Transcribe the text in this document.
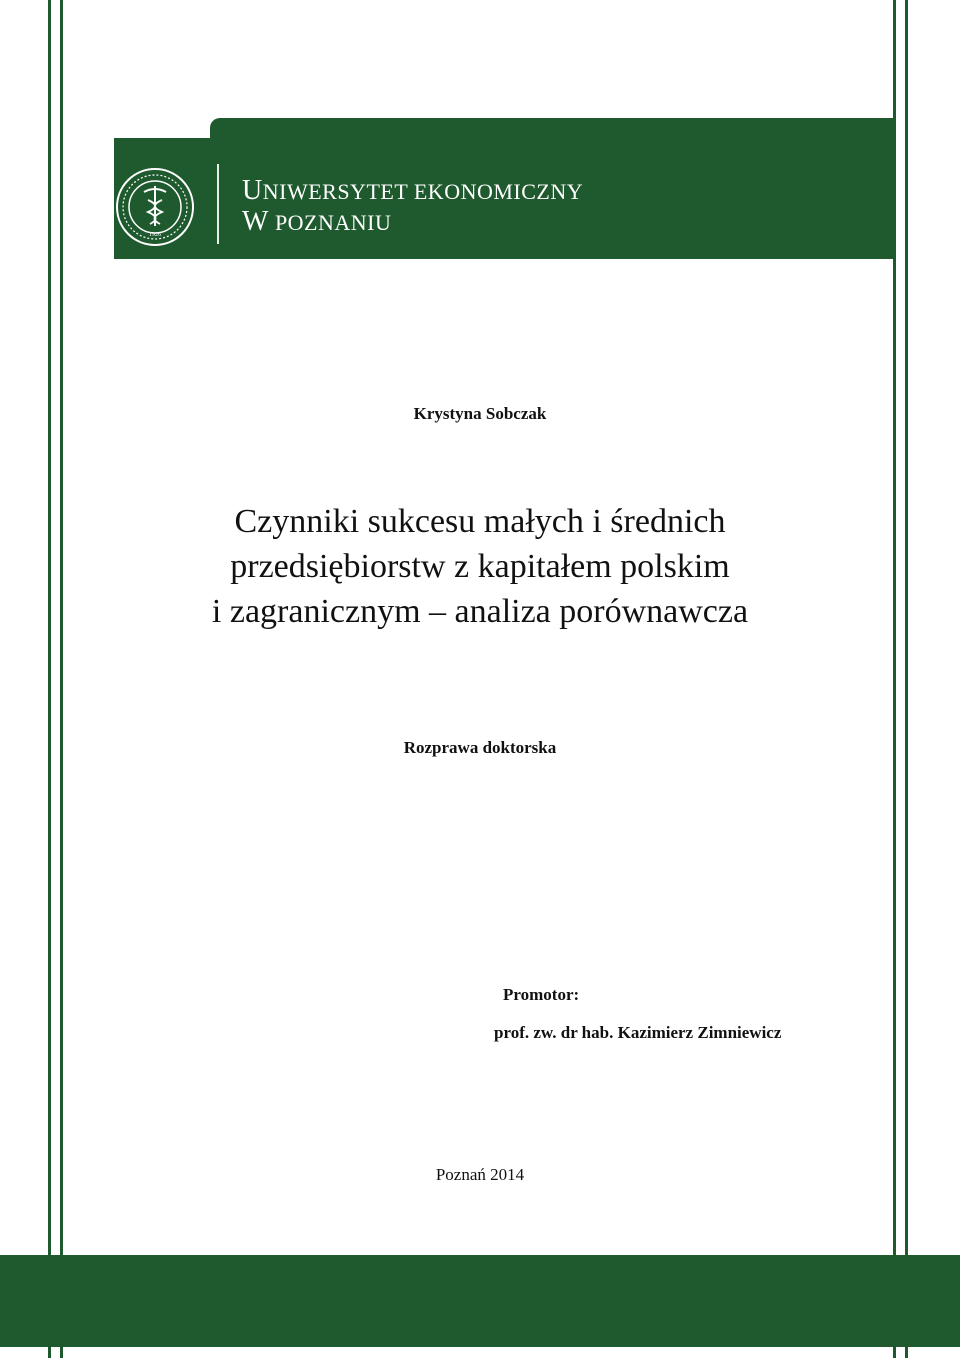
1926
UNIWERSYTET EKONOMICZNY
W POZNANIU
Krystyna Sobczak
Czynniki sukcesu małych i średnich
przedsiębiorstw z kapitałem polskim
i zagranicznym – analiza porównawcza
Rozprawa doktorska
Promotor:
prof. zw. dr hab. Kazimierz Zimniewicz
Poznań 2014
